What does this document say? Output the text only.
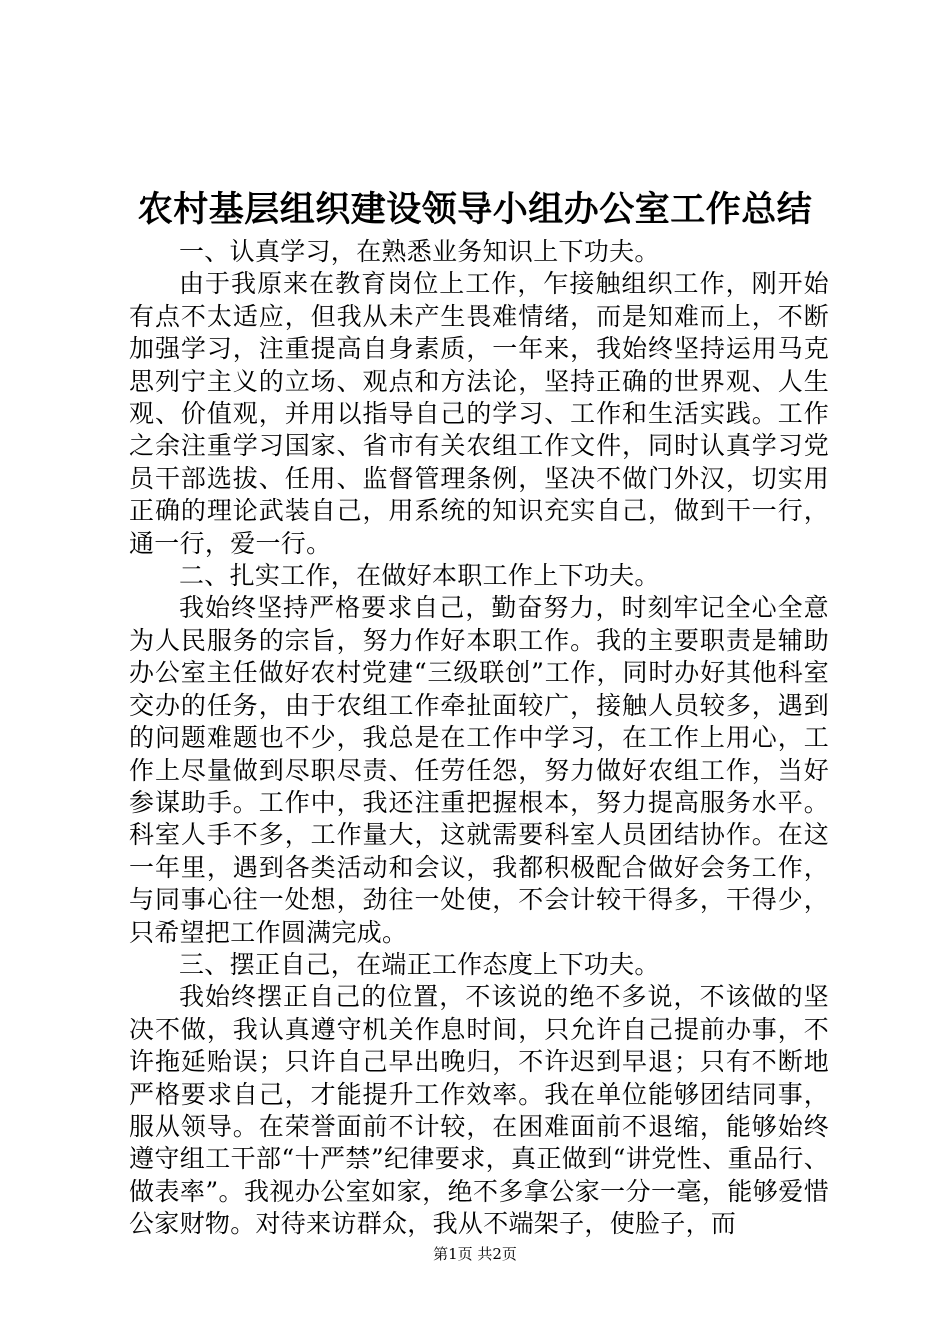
农村基层组织建设领导小组办公室工作总结

一、认真学习，在熟悉业务知识上下功夫。

由于我原来在教育岗位上工作，乍接触组织工作，刚开始有点不太适应，但我从未产生畏难情绪，而是知难而上，不断加强学习，注重提高自身素质，一年来，我始终坚持运用马克思列宁主义的立场、观点和方法论，坚持正确的世界观、人生观、价值观，并用以指导自己的学习、工作和生活实践。工作之余注重学习国家、省市有关农组工作文件，同时认真学习党员干部选拔、任用、监督管理条例，坚决不做门外汉，切实用正确的理论武装自己，用系统的知识充实自己，做到干一行，通一行，爱一行。

二、扎实工作，在做好本职工作上下功夫。

我始终坚持严格要求自己，勤奋努力，时刻牢记全心全意为人民服务的宗旨，努力作好本职工作。我的主要职责是辅助办公室主任做好农村党建“三级联创”工作，同时办好其他科室交办的任务，由于农组工作牵扯面较广，接触人员较多，遇到的问题难题也不少，我总是在工作中学习，在工作上用心，工作上尽量做到尽职尽责、任劳任怨，努力做好农组工作，当好参谋助手。工作中，我还注重把握根本，努力提高服务水平。科室人手不多，工作量大，这就需要科室人员团结协作。在这一年里，遇到各类活动和会议，我都积极配合做好会务工作，与同事心往一处想，劲往一处使，不会计较干得多，干得少，只希望把工作圆满完成。

三、摆正自己，在端正工作态度上下功夫。

我始终摆正自己的位置，不该说的绝不多说，不该做的坚决不做，我认真遵守机关作息时间，只允许自己提前办事，不许拖延贻误；只许自己早出晚归，不许迟到早退；只有不断地严格要求自己，才能提升工作效率。我在单位能够团结同事，服从领导。在荣誉面前不计较，在困难面前不退缩，能够始终遵守组工干部“十严禁”纪律要求，真正做到“讲党性、重品行、做表率”。我视办公室如家，绝不多拿公家一分一毫，能够爱惜公家财物。对待来访群众，我从不端架子，使脸子，而

第1页 共2页
